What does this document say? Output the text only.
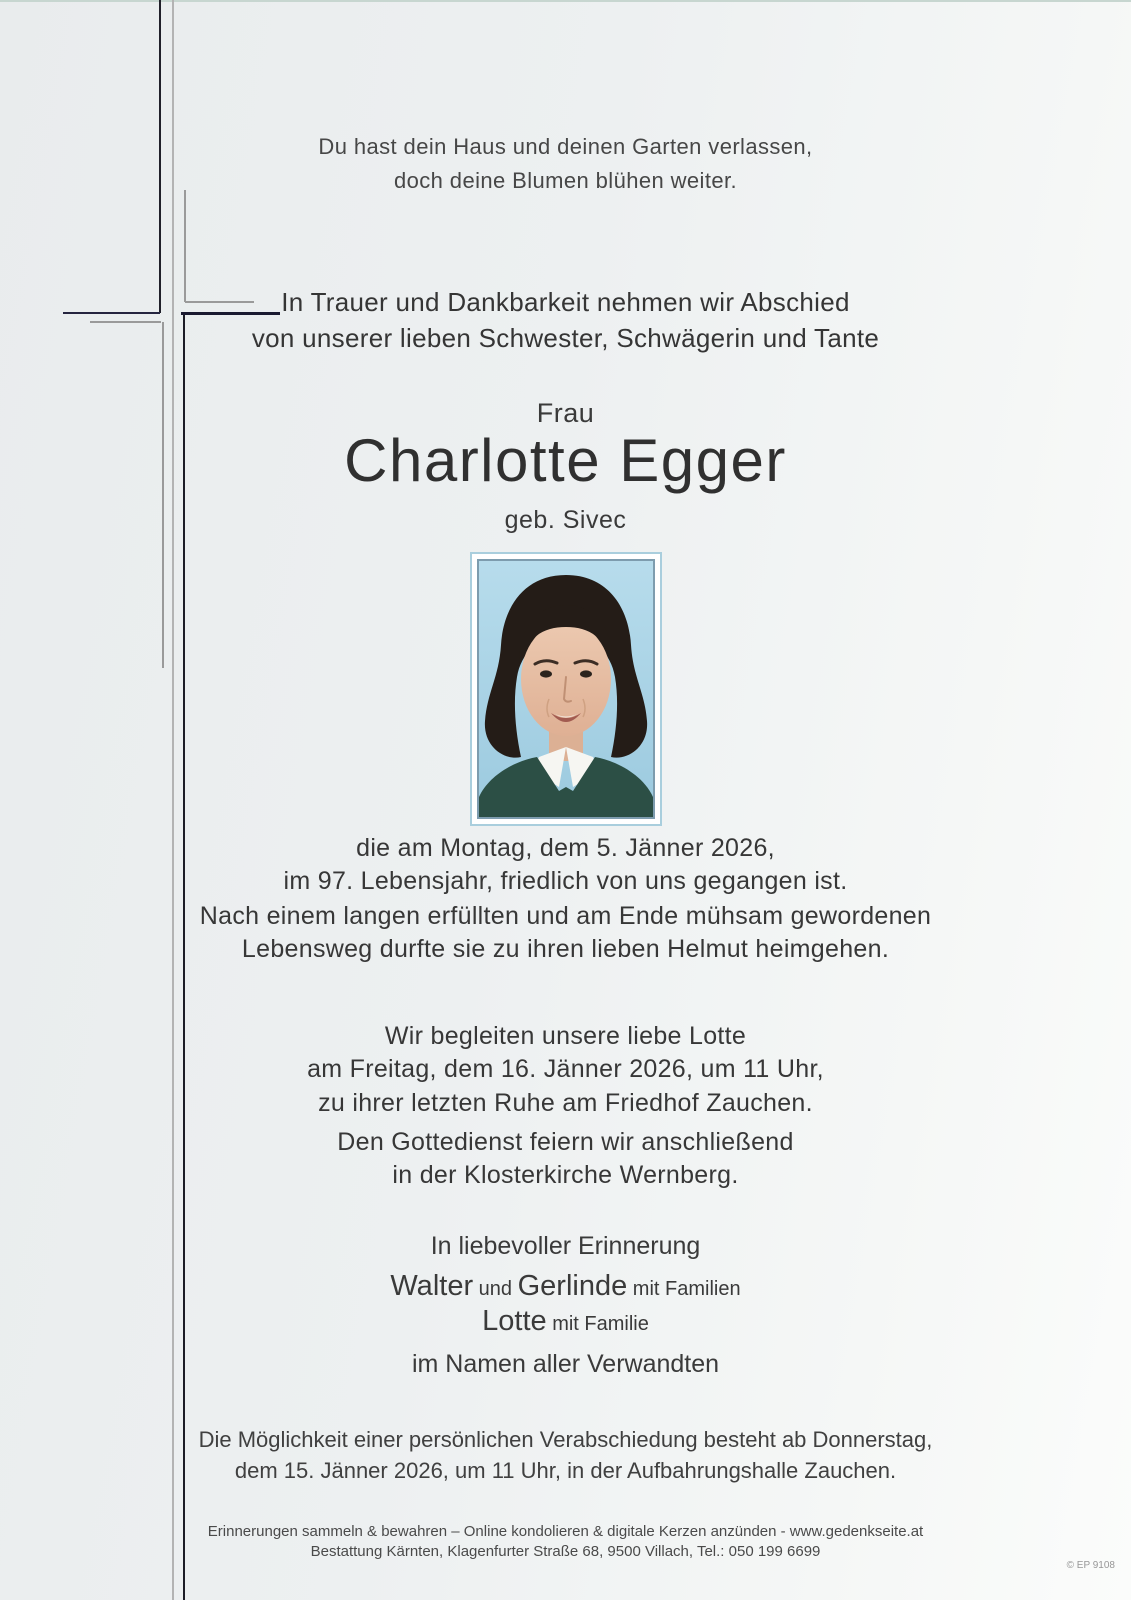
Du hast dein Haus und deinen Garten verlassen,
doch deine Blumen blühen weiter.
In Trauer und Dankbarkeit nehmen wir Abschied
von unserer lieben Schwester, Schwägerin und Tante
Frau
Charlotte Egger
geb. Sivec
die am Montag, dem 5. Jänner 2026,
im 97. Lebensjahr, friedlich von uns gegangen ist.
Nach einem langen erfüllten und am Ende mühsam gewordenen
Lebensweg durfte sie zu ihren lieben Helmut heimgehen.
Wir begleiten unsere liebe Lotte
am Freitag, dem 16. Jänner 2026, um 11 Uhr,
zu ihrer letzten Ruhe am Friedhof Zauchen.
Den Gottedienst feiern wir anschließend
in der Klosterkirche Wernberg.
In liebevoller Erinnerung
Walter und Gerlinde mit Familien
Lotte mit Familie
im Namen aller Verwandten
Die Möglichkeit einer persönlichen Verabschiedung besteht ab Donnerstag,
dem 15. Jänner 2026, um 11 Uhr, in der Aufbahrungshalle Zauchen.
Erinnerungen sammeln & bewahren – Online kondolieren & digitale Kerzen anzünden - www.gedenkseite.at
Bestattung Kärnten, Klagenfurter Straße 68, 9500 Villach, Tel.: 050 199 6699
© EP 9108
